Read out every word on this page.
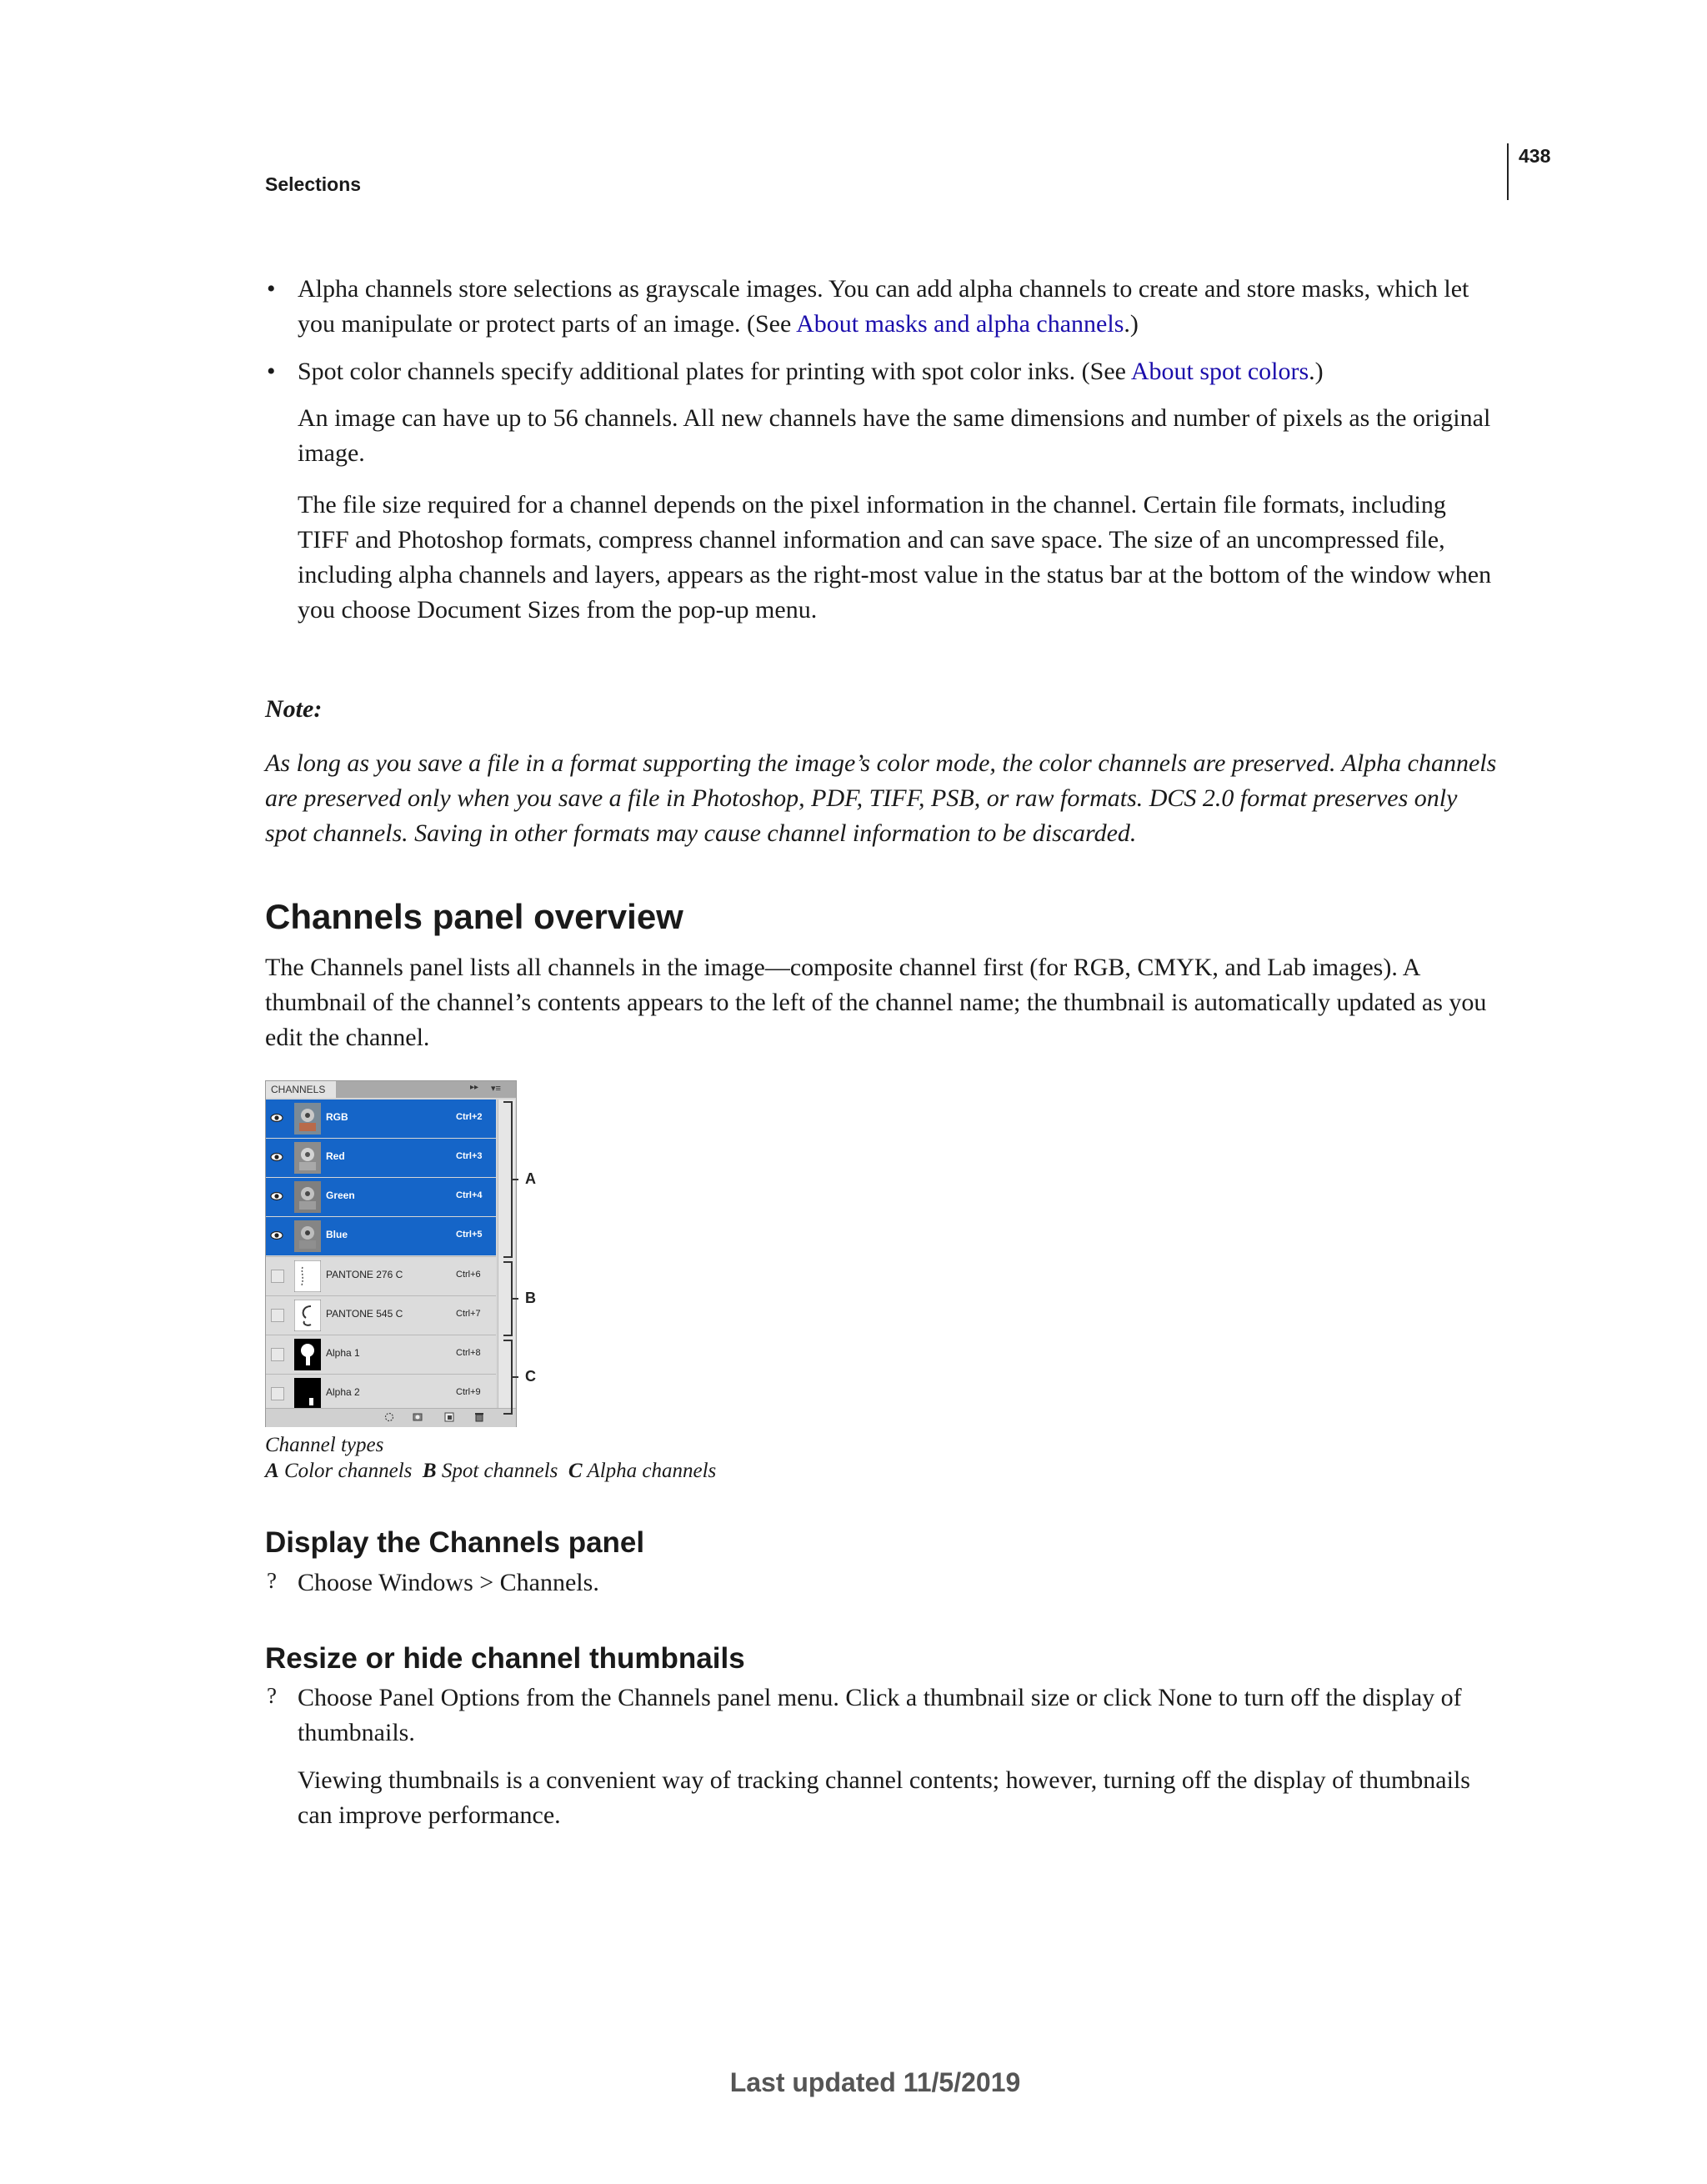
Selections
438
• Alpha channels store selections as grayscale images. You can add alpha channels to create and store masks, which let you manipulate or protect parts of an image. (See About masks and alpha channels.)
• Spot color channels specify additional plates for printing with spot color inks. (See About spot colors.)
An image can have up to 56 channels. All new channels have the same dimensions and number of pixels as the original image.
The file size required for a channel depends on the pixel information in the channel. Certain file formats, including TIFF and Photoshop formats, compress channel information and can save space. The size of an uncompressed file, including alpha channels and layers, appears as the right-most value in the status bar at the bottom of the window when you choose Document Sizes from the pop-up menu.
Note:
As long as you save a file in a format supporting the image’s color mode, the color channels are preserved. Alpha channels are preserved only when you save a file in Photoshop, PDF, TIFF, PSB, or raw formats. DCS 2.0 format preserves only spot channels. Saving in other formats may cause channel information to be discarded.
Channels panel overview
The Channels panel lists all channels in the image—composite channel first (for RGB, CMYK, and Lab images). A thumbnail of the channel’s contents appears to the left of the channel name; the thumbnail is automatically updated as you edit the channel.
CHANNELS	▸▸ ▾≡
RGB	Ctrl+2
Red	Ctrl+3
Green	Ctrl+4
Blue	Ctrl+5
PANTONE 276 C	Ctrl+6
PANTONE 545 C	Ctrl+7
Alpha 1	Ctrl+8
Alpha 2	Ctrl+9
A
B
C
Channel types
A Color channels B Spot channels C Alpha channels
Display the Channels panel
? Choose Windows > Channels.
Resize or hide channel thumbnails
? Choose Panel Options from the Channels panel menu. Click a thumbnail size or click None to turn off the display of thumbnails.
Viewing thumbnails is a convenient way of tracking channel contents; however, turning off the display of thumbnails can improve performance.
Last updated 11/5/2019
